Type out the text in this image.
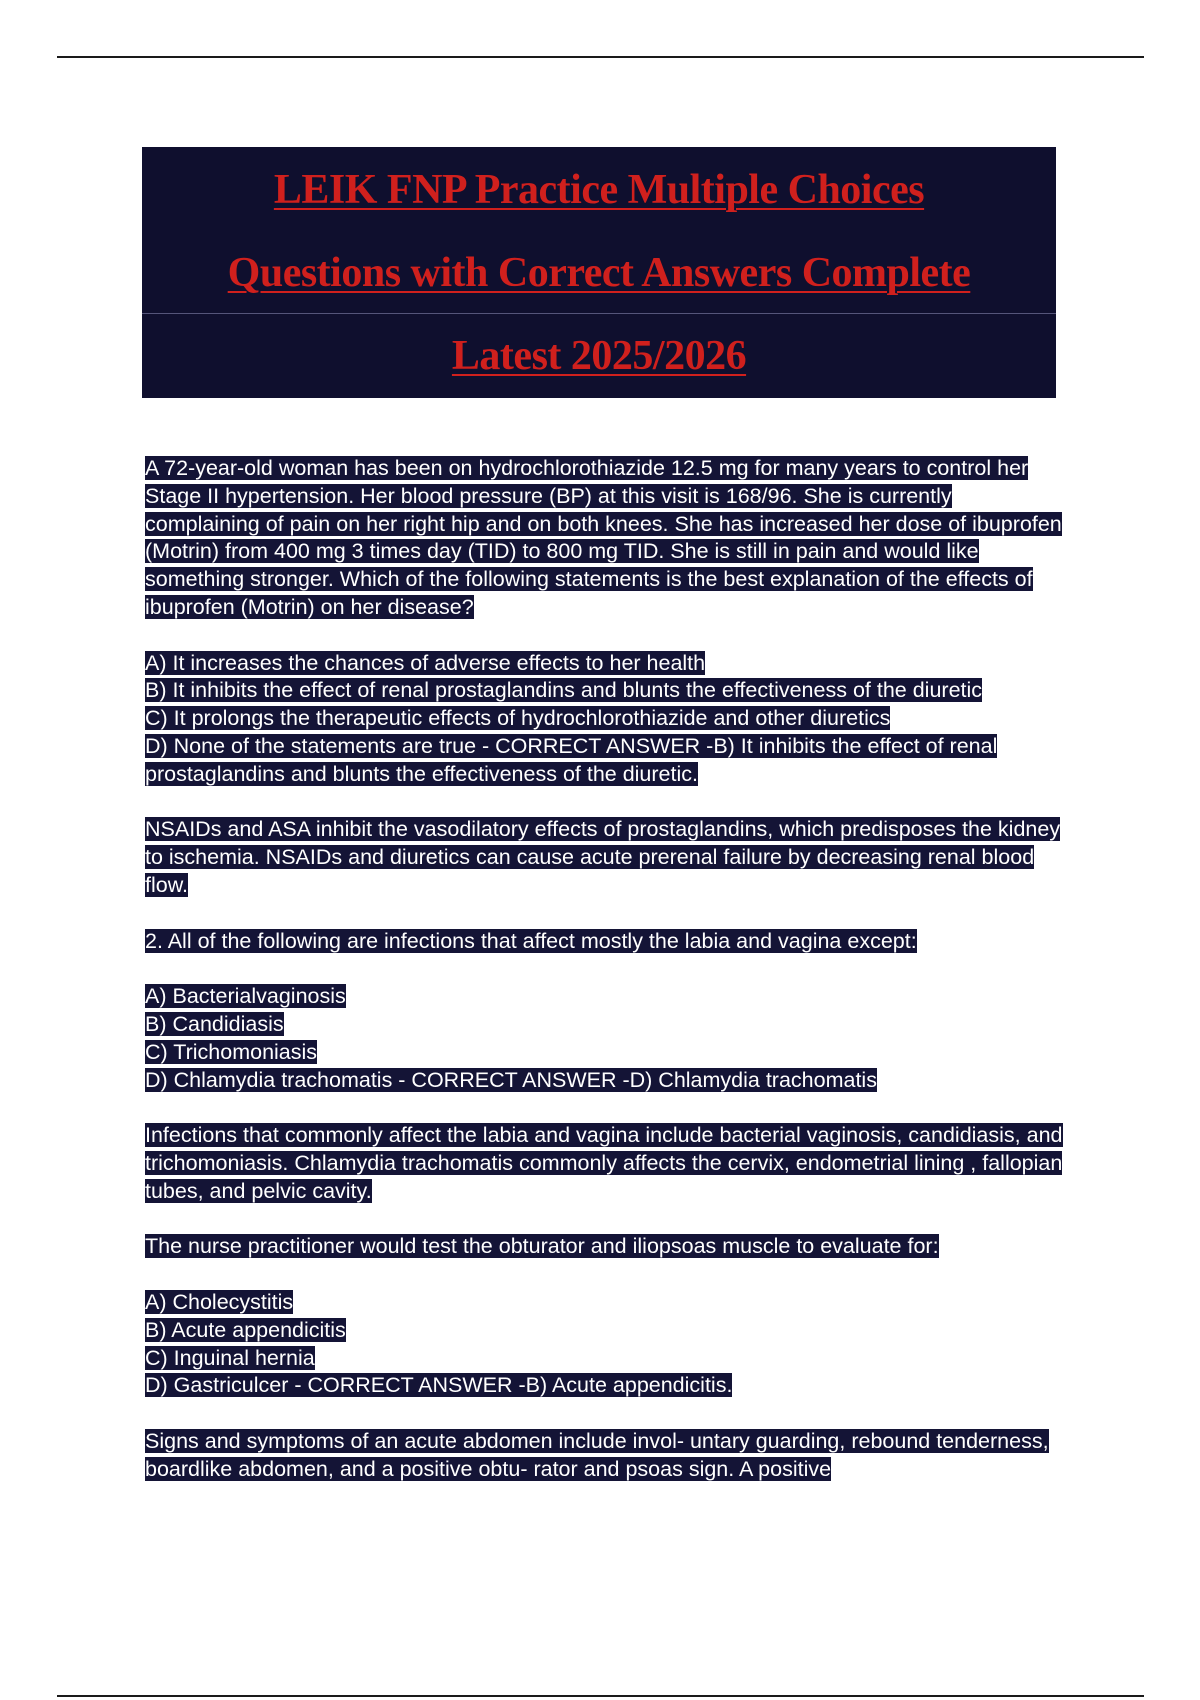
LEIK FNP Practice Multiple Choices
Questions with Correct Answers Complete
Latest 2025/2026

A 72-year-old woman has been on hydrochlorothiazide 12.5 mg for many years to control her Stage II hypertension. Her blood pressure (BP) at this visit is 168/96. She is currently complaining of pain on her right hip and on both knees. She has increased her dose of ibuprofen (Motrin) from 400 mg 3 times day (TID) to 800 mg TID. She is still in pain and would like something stronger. Which of the following statements is the best explanation of the effects of ibuprofen (Motrin) on her disease?

A) It increases the chances of adverse effects to her health
B) It inhibits the effect of renal prostaglandins and blunts the effectiveness of the diuretic
C) It prolongs the therapeutic effects of hydrochlorothiazide and other diuretics
D) None of the statements are true - CORRECT ANSWER -B) It inhibits the effect of renal prostaglandins and blunts the effectiveness of the diuretic.

NSAIDs and ASA inhibit the vasodilatory effects of prostaglandins, which predisposes the kidney to ischemia. NSAIDs and diuretics can cause acute prerenal failure by decreasing renal blood flow.

2. All of the following are infections that affect mostly the labia and vagina except:

A) Bacterialvaginosis
B) Candidiasis
C) Trichomoniasis
D) Chlamydia trachomatis - CORRECT ANSWER -D) Chlamydia trachomatis

Infections that commonly affect the labia and vagina include bacterial vaginosis, candidiasis, and trichomoniasis. Chlamydia trachomatis commonly affects the cervix, endometrial lining , fallopian tubes, and pelvic cavity.

The nurse practitioner would test the obturator and iliopsoas muscle to evaluate for:

A) Cholecystitis
B) Acute appendicitis
C) Inguinal hernia
D) Gastriculcer - CORRECT ANSWER -B) Acute appendicitis.

Signs and symptoms of an acute abdomen include invol- untary guarding, rebound tenderness, boardlike abdomen, and a positive obtu- rator and psoas sign. A positive
